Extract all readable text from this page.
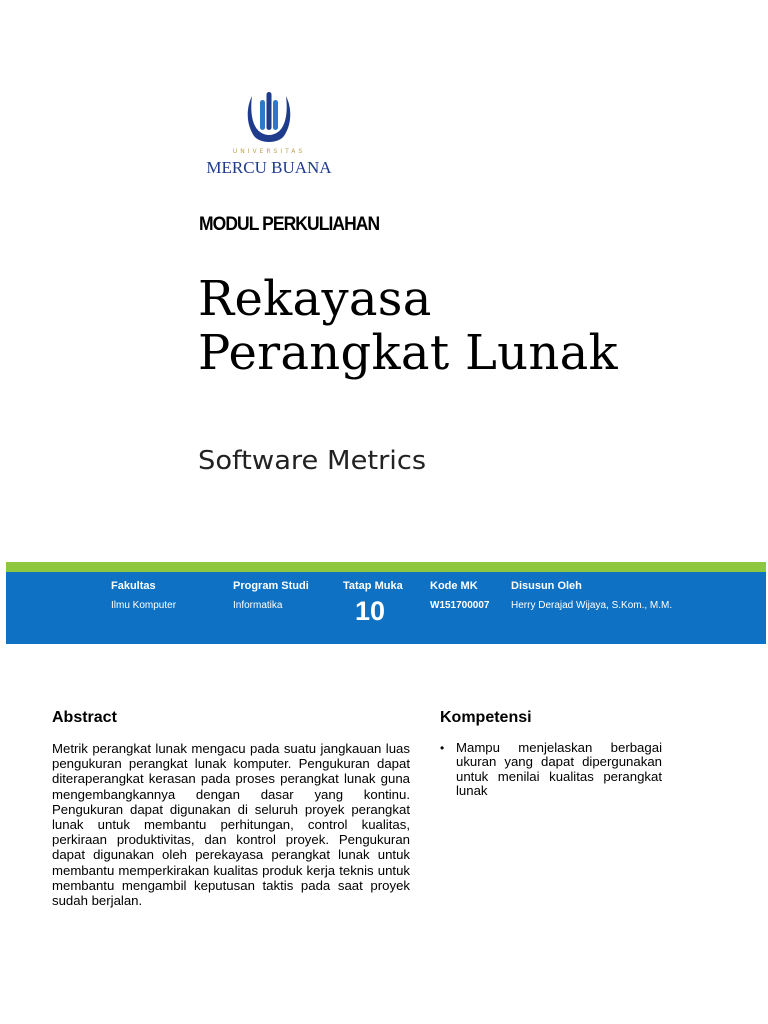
UNIVERSITAS
MERCU BUANA
MODUL PERKULIAHAN
Rekayasa
Perangkat Lunak
Software Metrics
Fakultas
Ilmu Komputer
Program Studi
Informatika
Tatap Muka
10
Kode MK
W151700007
Disusun Oleh
Herry Derajad Wijaya, S.Kom., M.M.
Abstract
Metrik perangkat lunak mengacu pada suatu jangkauan luas pengukuran perangkat lunak komputer. Pengukuran dapat diteraperangkat kerasan pada proses perangkat lunak guna mengembangkannya dengan dasar yang kontinu. Pengukuran dapat digunakan di seluruh proyek perangkat lunak untuk membantu perhitungan, control kualitas, perkiraan produktivitas, dan kontrol proyek. Pengukuran dapat digunakan oleh perekayasa perangkat lunak untuk membantu memperkirakan kualitas produk kerja teknis untuk membantu mengambil keputusan taktis pada saat proyek sudah berjalan.
Kompetensi
• Mampu menjelaskan berbagai ukuran yang dapat dipergunakan untuk menilai kualitas perangkat lunak
